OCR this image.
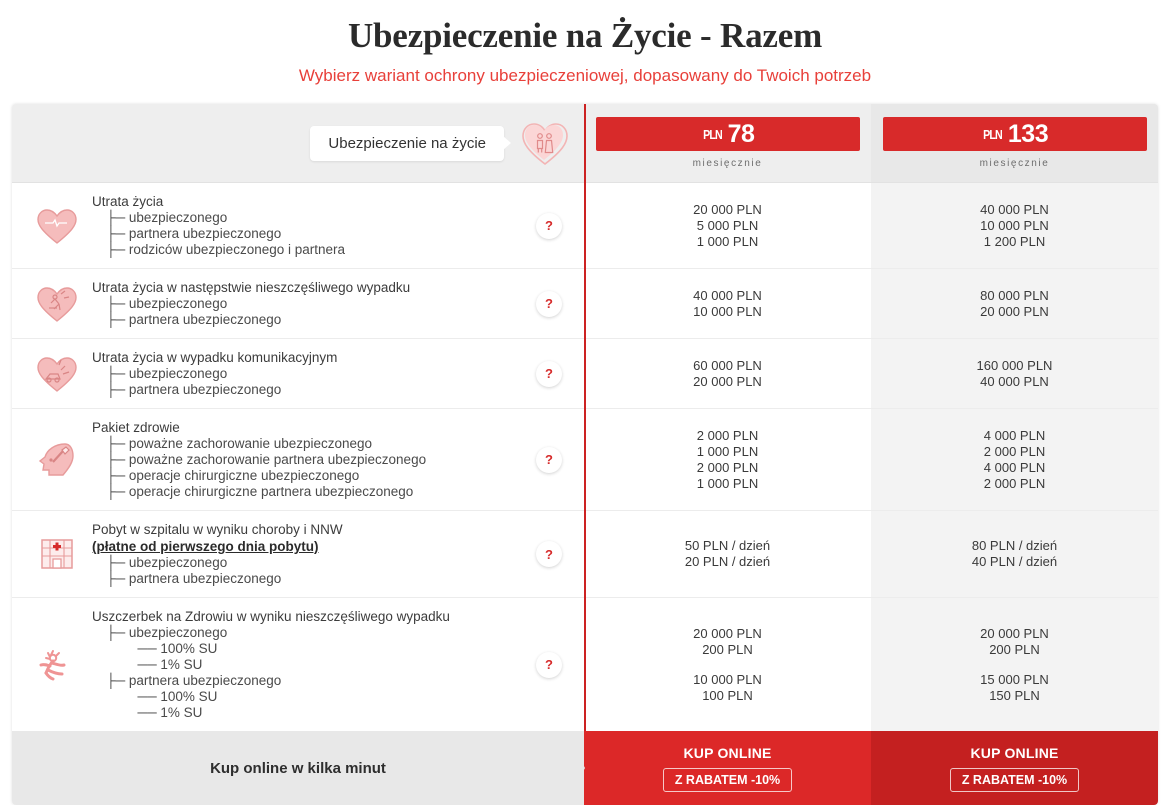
Ubezpieczenie na Życie - Razem
Wybierz wariant ochrony ubezpieczeniowej, dopasowany do Twoich potrzeb
Ubezpieczenie na życie
PLN 78
miesięcznie
PLN 133
miesięcznie
Utrata życia
├─ ubezpieczonego
├─ partnera ubezpieczonego
├─ rodziców ubezpieczonego i partnera
?
20 000 PLN
5 000 PLN
1 000 PLN
40 000 PLN
10 000 PLN
1 200 PLN
Utrata życia w następstwie nieszczęśliwego wypadku
├─ ubezpieczonego
├─ partnera ubezpieczonego
?
40 000 PLN
10 000 PLN
80 000 PLN
20 000 PLN
Utrata życia w wypadku komunikacyjnym
├─ ubezpieczonego
├─ partnera ubezpieczonego
?
60 000 PLN
20 000 PLN
160 000 PLN
40 000 PLN
Pakiet zdrowie
├─ poważne zachorowanie ubezpieczonego
├─ poważne zachorowanie partnera ubezpieczonego
├─ operacje chirurgiczne ubezpieczonego
├─ operacje chirurgiczne partnera ubezpieczonego
?
2 000 PLN
1 000 PLN
2 000 PLN
1 000 PLN
4 000 PLN
2 000 PLN
4 000 PLN
2 000 PLN
Pobyt w szpitalu w wyniku choroby i NNW
(płatne od pierwszego dnia pobytu)
├─ ubezpieczonego
├─ partnera ubezpieczonego
?
50 PLN / dzień
20 PLN / dzień
80 PLN / dzień
40 PLN / dzień
Uszczerbek na Zdrowiu w wyniku nieszczęśliwego wypadku
├─ ubezpieczonego
── 100% SU
── 1% SU
├─ partnera ubezpieczonego
── 100% SU
── 1% SU
?
20 000 PLN
200 PLN
10 000 PLN
100 PLN
20 000 PLN
200 PLN
15 000 PLN
150 PLN
Kup online w kilka minut
KUP ONLINE
Z RABATEM -10%
KUP ONLINE
Z RABATEM -10%
